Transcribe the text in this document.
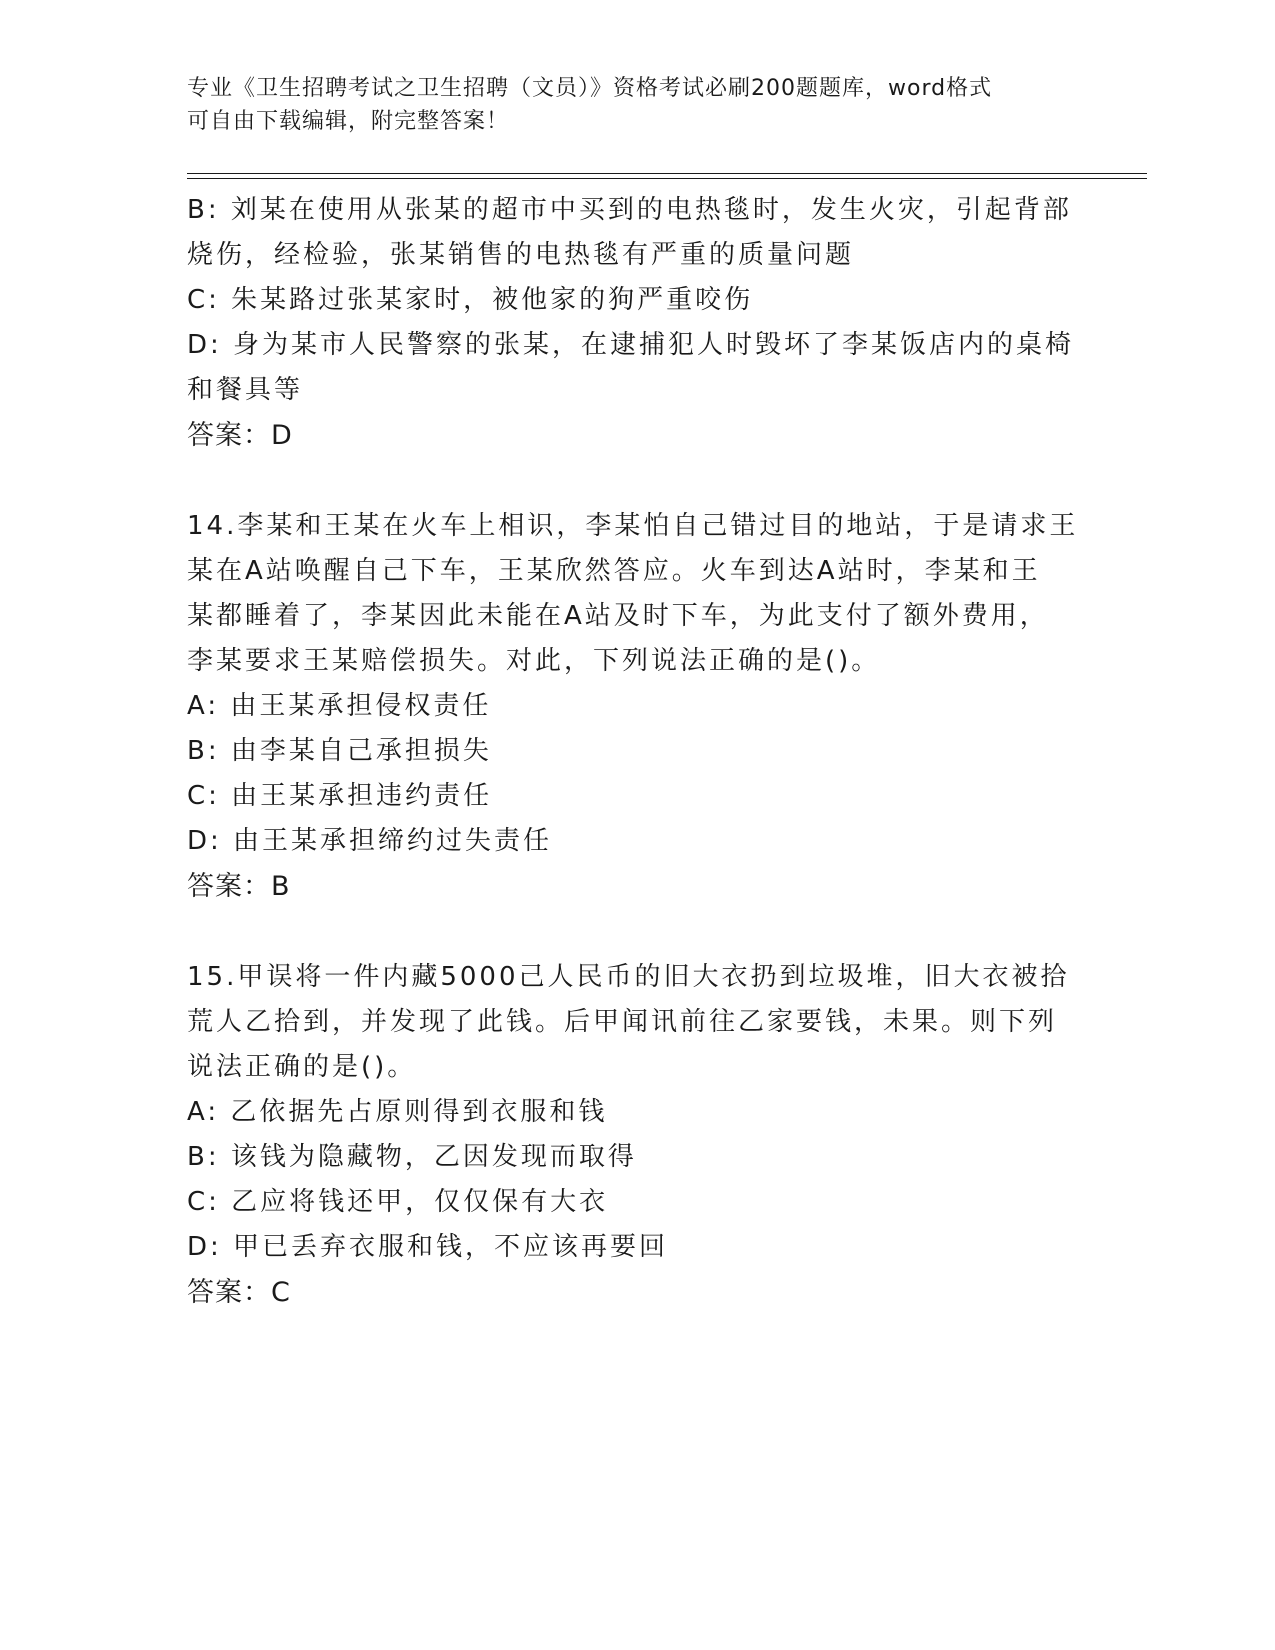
专业《卫生招聘考试之卫生招聘（文员）》资格考试必刷200题题库，word格式
可自由下载编辑，附完整答案！
B: 刘某在使用从张某的超市中买到的电热毯时，发生火灾，引起背部
烧伤，经检验，张某销售的电热毯有严重的质量问题
C: 朱某路过张某家时，被他家的狗严重咬伤
D: 身为某市人民警察的张某，在逮捕犯人时毁坏了李某饭店内的桌椅
和餐具等
答案：D
14.李某和王某在火车上相识，李某怕自己错过目的地站，于是请求王
某在A站唤醒自己下车，王某欣然答应。火车到达A站时，李某和王
某都睡着了，李某因此未能在A站及时下车，为此支付了额外费用，
李某要求王某赔偿损失。对此，下列说法正确的是()。
A: 由王某承担侵权责任
B: 由李某自己承担损失
C: 由王某承担违约责任
D: 由王某承担缔约过失责任
答案：B
15.甲误将一件内藏5000己人民币的旧大衣扔到垃圾堆，旧大衣被拾
荒人乙拾到，并发现了此钱。后甲闻讯前往乙家要钱，未果。则下列
说法正确的是()。
A: 乙依据先占原则得到衣服和钱
B: 该钱为隐藏物，乙因发现而取得
C: 乙应将钱还甲，仅仅保有大衣
D: 甲已丢弃衣服和钱，不应该再要回
答案：C
